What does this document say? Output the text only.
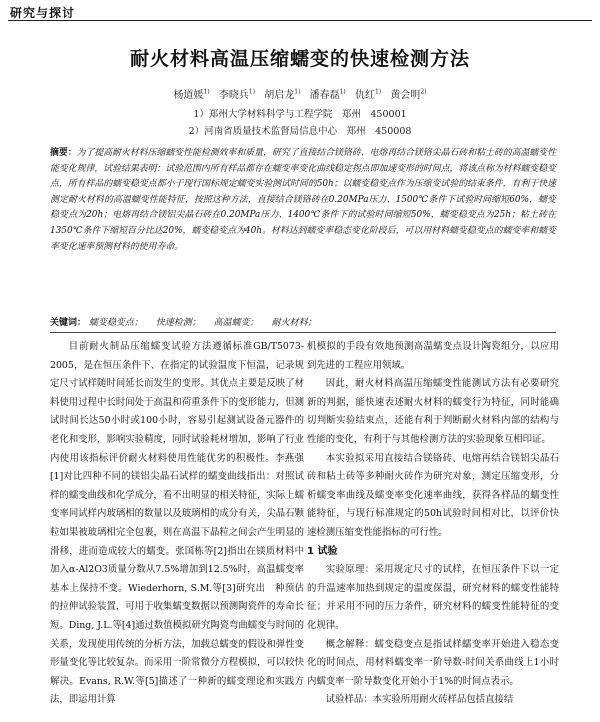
研究与探讨
耐火材料高温压缩蠕变的快速检测方法
杨道媛$^{1)}$ 李晓兵$^{1)}$ 胡启龙$^{1)}$ 潘春磊$^{1)}$ 仇红$^{1)}$ 黄会明$^{2)}$
1）郑州大学材料科学与工程学院　郑州　450001
2）河南省质量技术监督局信息中心　郑州　450008
摘要：为了提高耐火材料压缩蠕变性能检测效率和质量，研究了直接结合镁铬砖、电熔再结合镁铬尖晶石砖和粘土砖的高温蠕变性能变化规律，试验结果表明：试验范围内所有样品都存在蠕变率变化曲线稳定拐点即加速变形的时间点，将该点称为材料蠕变稳变点，所有样品的蠕变稳变点都小于现行国标规定蠕变实验测试时间的50h；以蠕变稳变点作为压缩变试验的结束条件，有利于快速测定耐火材料的高温蠕变性能特征，按照这种方法，直接结合镁铬砖在0.20MPa压力、1500℃条件下试验时间缩短60%，蠕变稳变点为20h；电熔再结合镁铝尖晶石砖在0.20MPa压力、1400℃条件下的试验时间缩短50%，蠕变稳变点为25h；粘土砖在1350℃条件下缩短百分比达20%，蠕变稳变点为40h。材料达到蠕变率稳态变化阶段后，可以用材料蠕变稳变点的蠕变率和蠕变率变化速率预测材料的使用寿命。
关键词： 蠕变稳变点； 快速检测； 高温蠕变； 耐火材料；

目前耐火制品压缩蠕变试验方法遵循标准GB/T5073-2005，是在恒压条件下、在指定的试验温度下恒温，记录规定尺寸试样随时间延长而发生的变形。其优点主要是反映了材料使用过程中长时间处于高温和荷重条件下的变形能力，但测试时间长达50小时或100小时，容易引起测试设备元器件的老化和变形，影响实验精度，同时试验耗材增加，影响了行业内使用该指标评价耐火材料使用性能优劣的积极性。李燕强[1]对比四种不同的镁铝尖晶石试样的蠕变曲线指出：对照试样的蠕变曲线和化学成分，看不出明显的相关特征，实际上蠕变率同试样内玻璃相的数量以及玻璃相的成分有关，尖晶石颗粒如果被玻璃相完全包裹，则在高温下晶粒之间会产生明显的滑移，进而造成较大的蠕变。张国栋等[2]指出在镁质材料中加入α-Al2O3质量分数从7.5%增加到12.5%时，高温蠕变率基本上保持不变。Wiederhorn, S.M.等[3]研究出　种预估的拉伸试验装置，可用于收集蠕变数据以预测陶瓷件的寿命长短。Ding, J.L.等[4]通过数值模拟研究陶瓷弯曲蠕变与时间的关系，发现使用传统的分析方法，加载总蠕变的假设和弹性变形量变化等比较复杂。而采用一阶常微分方程模拟，可以较快解决。Evans, R.W.等[5]描述了一种新的蠕变理论和实践方法，即运用计算

机模拟的手段有效地预测高温蠕变点设计陶瓷组分，以应用到先进的工程应用领域。

因此，耐火材料高温压缩蠕变性能测试方法有必要研究新的判据，能快速表述耐火材料的蠕变行为特征，同时能确切判断实验结束点，还能有利于判断耐火材料内部的结构与性能的变化，有利于与其他检测方法的实验现象互相印证。

本实验拟采用直接结合镁铬砖、电熔再结合镁铝尖晶石砖和粘土砖等多种耐火砖作为研究对象，测定压缩变形，分析蠕变率曲线及蠕变率变化速率曲线，获得各样品的蠕变性能特征，与现行标准规定的50h试验时间相对比，以评价快速检测压缩变性能指标的可行性。

1 试验

实验原理：采用规定尺寸的试样，在恒压条件下以一定的升温速率加热到规定的温度保温，研究材料的蠕变性能特征；并采用不同的压力条件，研究材料的蠕变性能特征的变化规律。

概念解释：蠕变稳变点是指试样蠕变率开始进入稳态变化的时间点，用材料蠕变率一阶导数-时间关系曲线上1小时内蠕变率一阶导数变化开始小于1%的时间点表示。

试验样品：本实验所用耐火砖样品包括直接结
